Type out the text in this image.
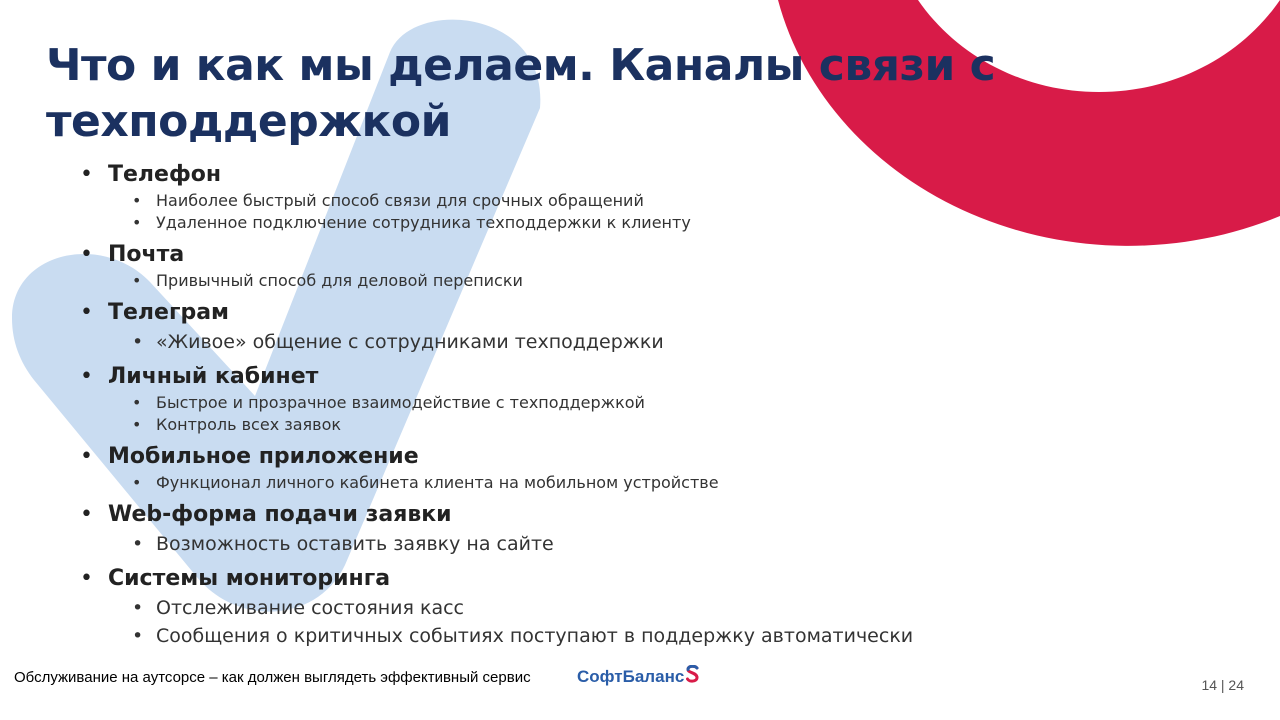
Что и как мы делаем. Каналы связи с
техподдержкой
• Телефон
• Наиболее быстрый способ связи для срочных обращений
• Удаленное подключение сотрудника техподдержки к клиенту
• Почта
• Привычный способ для деловой переписки
• Телеграм
• «Живое» общение с сотрудниками техподдержки
• Личный кабинет
• Быстрое и прозрачное взаимодействие с техподдержкой
• Контроль всех заявок
• Мобильное приложение
• Функционал личного кабинета клиента на мобильном устройстве
• Web-форма подачи заявки
• Возможность оставить заявку на сайте
• Системы мониторинга
• Отслеживание состояния касс
• Сообщения о критичных событиях поступают в поддержку автоматически
Обслуживание на аутсорсе – как должен выглядеть эффективный сервис	СофтБаланс	14 | 24
